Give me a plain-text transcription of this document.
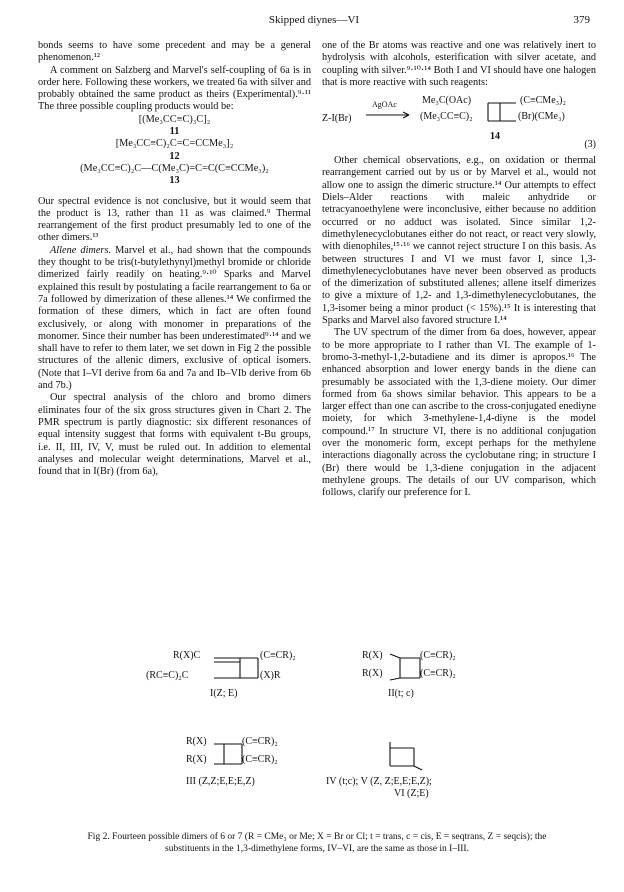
Skipped diynes—VI	379

bonds seems to have some precedent and may be a general phenomenon.¹²

A comment on Salzberg and Marvel's self-coupling of 6a is in order here. Following these workers, we treated 6a with silver and probably obtained the same product as theirs (Experimental).⁹·¹¹ The three possible coupling products would be:

[(Me₃CC≡C)₃C]₂

11

[Me₃CC≡C)₂C=C=CCMe₃]₂

12

(Me₃CC≡C)₂C—C(Me₃C)=C=C(C≡CCMe₃)₂

13

Our spectral evidence is not conclusive, but it would seem that the product is 13, rather than 11 as was claimed.⁹ Thermal rearrangement of the first product presumably led to one of the other dimers.¹³

Allene dimers. Marvel et al., had shown that the compounds they thought to be tris(t-butylethynyl)methyl bromide or chloride dimerized fairly readily on heating.⁹·¹⁰ Sparks and Marvel explained this result by postulating a facile rearrangement to 6a or 7a followed by dimerization of these allenes.¹⁴ We confirmed the formation of these dimers, which in fact are often found exclusively, or along with monomer in preparations of the monomer. Since their number has been underestimated⁹·¹⁴ and we shall have to refer to them later, we set down in Fig 2 the possible structures of the allenic dimers, exclusive of optical isomers. (Note that I–VI derive from 6a and 7a and Ib–VIb derive from 6b and 7b.)

Our spectral analysis of the chloro and bromo dimers eliminates four of the six gross structures given in Chart 2. The PMR spectrum is partly diagnostic: six different resonances of equal intensity suggest that forms with equivalent t-Bu groups, i.e. II, III, IV, V, must be ruled out. In addition to elemental analyses and molecular weight determinations, Marvel et al., found that in I(Br) (from 6a),

one of the Br atoms was reactive and one was relatively inert to hydrolysis with alcohols, esterification with silver acetate, and coupling with silver.⁹·¹⁰·¹⁴ Both I and VI should have one halogen that is more reactive with such reagents:

Z-I(Br)
AgOAc	Me₃C(OAc)
(Me₃CC≡C)₂
(C≡CMe₃)₂
(Br)(CMe₃)
14
(3)

Other chemical observations, e.g., on oxidation or thermal rearrangement carried out by us or by Marvel et al., would not allow one to assign the dimeric structure.¹⁴ Our attempts to effect Diels–Alder reactions with maleic anhydride or tetracyanoethylene were inconclusive, either because no addition occurred or no adduct was isolated. Since similar 1,2-dimethylenecyclobutanes either do not react, or react very slowly, with dienophiles,¹⁵·¹⁶ we cannot reject structure I on this basis. As between structures I and VI we must favor I, since 1,3-dimethylenecyclobutanes have never been observed as products of the dimerization of substituted allenes; allene itself dimerizes to give a mixture of 1,2- and 1,3-dimethylenecyclobutanes, the 1,3-isomer being a minor product (< 15%).¹⁵ It is interesting that Sparks and Marvel also favored structure I.¹⁴

The UV spectrum of the dimer from 6a does, however, appear to be more appropriate to I rather than VI. The example of 1-bromo-3-methyl-1,2-butadiene and its dimer is apropos.¹⁶ The enhanced absorption and lower energy bands in the diene can presumably be associated with the 1,3-diene moiety. Our dimer formed from 6a shows similar behavior. This appears to be a larger effect than one can ascribe to the cross-conjugated enediyne moiety, for which 3-methylene-1,4-diyne is the model compound.¹⁷ In structure VI, there is no additional conjugation over the monomeric form, except perhaps for the methylene interactions diagonally across the cyclobutane ring; in structure I (Br) there would be 1,3-diene conjugation in the adjacent methylene groups. The details of our UV comparison, which follows, clarify our preference for I.

R(X)C	(C≡CR)₂
(RC≡C)₂C	(X)R
I(Z; E)
R(X)	(C≡CR)₂
R(X)	(C≡CR)₂
II(t; c)
R(X)	(C≡CR)₂
R(X)	(C≡CR)₂
III (Z,Z;E,E;E,Z)	IV (t;c); V (Z, Z;E,E;E,Z);
VI (Z;E)
Fig 2. Fourteen possible dimers of 6 or 7 (R = CMe₃ or Me; X = Br or Cl; t = trans, c = cis, E = seqtrans, Z = seqcis); the substituents in the 1,3-dimethylene forms, IV–VI, are the same as those in I–III.
